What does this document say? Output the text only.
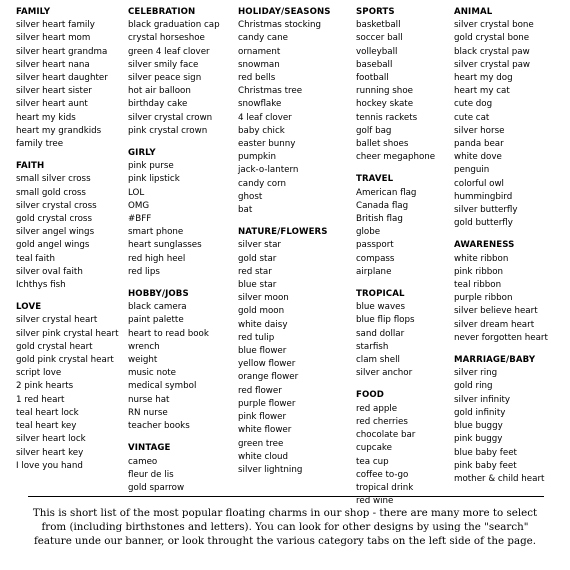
FAMILY
silver heart family
silver heart mom
silver heart grandma
silver heart nana
silver heart daughter
silver heart sister
silver heart aunt
heart my kids
heart my grandkids
family tree
FAITH
small silver cross
small gold cross
silver crystal cross
gold crystal cross
silver angel wings
gold angel wings
teal faith
silver oval faith
Ichthys fish
LOVE
silver crystal heart
silver pink crystal heart
gold crystal heart
gold pink crystal heart
script love
2 pink hearts
1 red heart
teal heart lock
teal heart key
silver heart lock
silver heart key
I love you hand
CELEBRATION
black graduation cap
crystal horseshoe
green 4 leaf clover
silver smily face
silver peace sign
hot air balloon
birthday cake
silver crystal crown
pink crystal crown
GIRLY
pink purse
pink lipstick
LOL
OMG
#BFF
smart phone
heart sunglasses
red high heel
red lips
HOBBY/JOBS
black camera
paint palette
heart to read book
wrench
weight
music note
medical symbol
nurse hat
RN nurse
teacher books
VINTAGE
cameo
fleur de lis
gold sparrow
HOLIDAY/SEASONS
Christmas stocking
candy cane
ornament
snowman
red bells
Christmas tree
snowflake
4 leaf clover
baby chick
easter bunny
pumpkin
jack-o-lantern
candy corn
ghost
bat
NATURE/FLOWERS
silver star
gold star
red star
blue star
silver moon
gold moon
white daisy
red tulip
blue flower
yellow flower
orange flower
red flower
purple flower
pink flower
white flower
green tree
white cloud
silver lightning
SPORTS
basketball
soccer ball
volleyball
baseball
football
running shoe
hockey skate
tennis rackets
golf bag
ballet shoes
cheer megaphone
TRAVEL
American flag
Canada flag
British flag
globe
passport
compass
airplane
TROPICAL
blue waves
blue flip flops
sand dollar
starfish
clam shell
silver anchor
FOOD
red apple
red cherries
chocolate bar
cupcake
tea cup
coffee to-go
tropical drink
red wine
ANIMAL
silver crystal bone
gold crystal bone
black crystal paw
silver crystal paw
heart my dog
heart my cat
cute dog
cute cat
silver horse
panda bear
white dove
penguin
colorful owl
hummingbird
silver butterfly
gold butterfly
AWARENESS
white ribbon
pink ribbon
teal ribbon
purple ribbon
silver believe heart
silver dream heart
never forgotten heart
MARRIAGE/BABY
silver ring
gold ring
silver infinity
gold infinity
blue buggy
pink buggy
blue baby feet
pink baby feet
mother & child heart
This is short list of the most popular floating charms in our shop - there are many more to select
from (including birthstones and letters). You can look for other designs by using the "search"
feature unde our banner, or look throught the various category tabs on the left side of the page.
